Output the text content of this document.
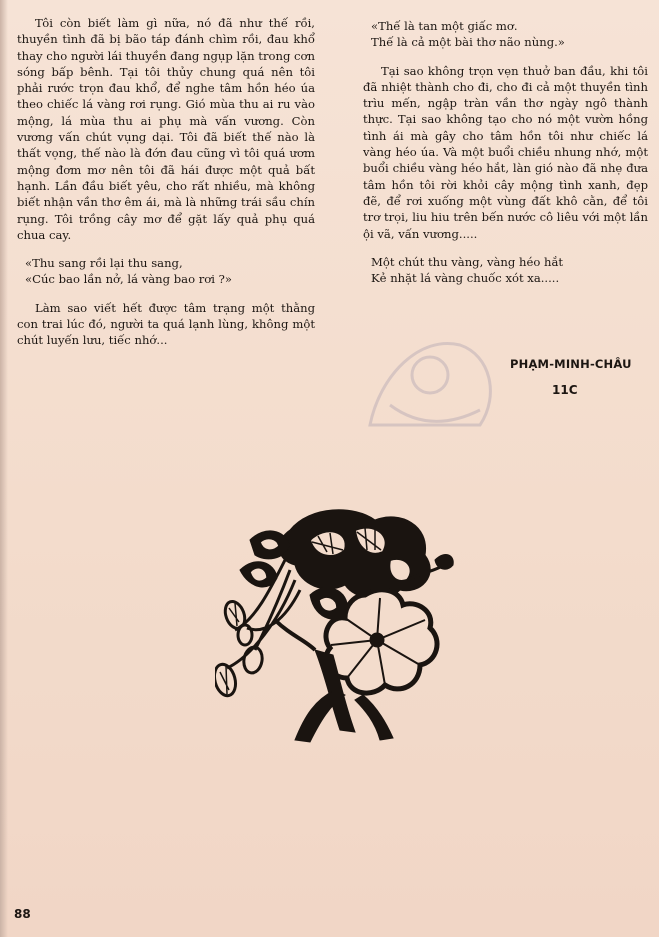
Tôi còn biết làm gì nữa, nó đã như thế rồi, thuyền tình đã bị bão táp đánh chìm rồi, đau khổ thay cho người lái thuyền đang ngụp lặn trong cơn sóng bấp bênh. Tại tôi thủy chung quá nên tôi phải rước trọn đau khổ, để nghe tâm hồn héo úa theo chiếc lá vàng rơi rụng. Gió mùa thu ai ru vào mộng, lá mùa thu ai phụ mà vấn vương. Còn vương vấn chút vụng dại. Tôi đã biết thế nào là thất vọng, thế nào là đớn đau cũng vì tôi quá ươm mộng đơm mơ nên tôi đã hái được một quả bất hạnh. Lần đầu biết yêu, cho rất nhiều, mà không biết nhận vần thơ êm ái, mà là những trái sầu chín rụng. Tôi trồng cây mơ để gặt lấy quả phụ quá chua cay.

«Thu sang rồi lại thu sang,

«Cúc bao lần nở, lá vàng bao rơi ?»

Làm sao viết hết được tâm trạng một thằng con trai lúc đó, người ta quá lạnh lùng, không một chút luyến lưu, tiếc nhớ...

«Thế là tan một giấc mơ.

Thế là cả một bài thơ não nùng.»

Tại sao không trọn vẹn thuở ban đầu, khi tôi đã nhiệt thành cho đi, cho đi cả một thuyền tình trìu mến, ngập tràn vần thơ ngày ngô thành thực. Tại sao không tạo cho nó một vườn hồng tình ái mà gây cho tâm hồn tôi như chiếc lá vàng héo úa. Và một buổi chiều nhung nhớ, một buổi chiều vàng héo hắt, làn gió nào đã nhẹ đưa tâm hồn tôi rời khỏi cây mộng tình xanh, đẹp đẽ, để rơi xuống một vùng đất khô cằn, để tôi trơ trọi, liu hiu trên bến nước cô liêu với một lần ội vã, vấn vương.....

Một chút thu vàng, vàng héo hắt

Kẻ nhặt lá vàng chuốc xót xa.....

PHẠM-MINH-CHÂU
11C
88
